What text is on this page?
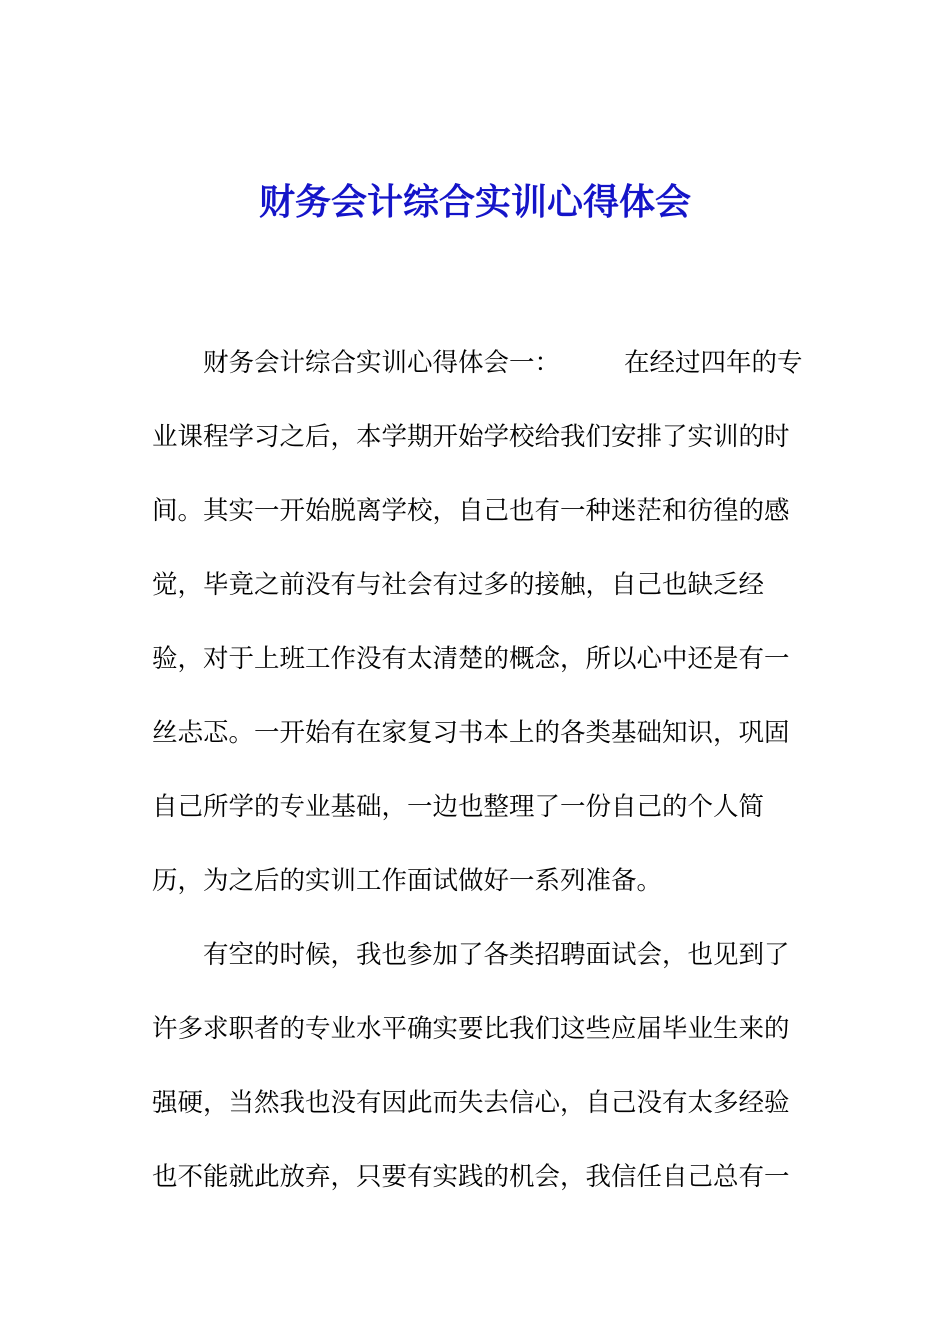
财务会计综合实训心得体会
财务会计综合实训心得体会一：	在经过四年的专
业课程学习之后，本学期开始学校给我们安排了实训的时
间。其实一开始脱离学校，自己也有一种迷茫和彷徨的感
觉，毕竟之前没有与社会有过多的接触，自己也缺乏经
验，对于上班工作没有太清楚的概念，所以心中还是有一
丝忐忑。一开始有在家复习书本上的各类基础知识，巩固
自己所学的专业基础，一边也整理了一份自己的个人简
历，为之后的实训工作面试做好一系列准备。
有空的时候，我也参加了各类招聘面试会，也见到了
许多求职者的专业水平确实要比我们这些应届毕业生来的
强硬，当然我也没有因此而失去信心，自己没有太多经验
也不能就此放弃，只要有实践的机会，我信任自己总有一
